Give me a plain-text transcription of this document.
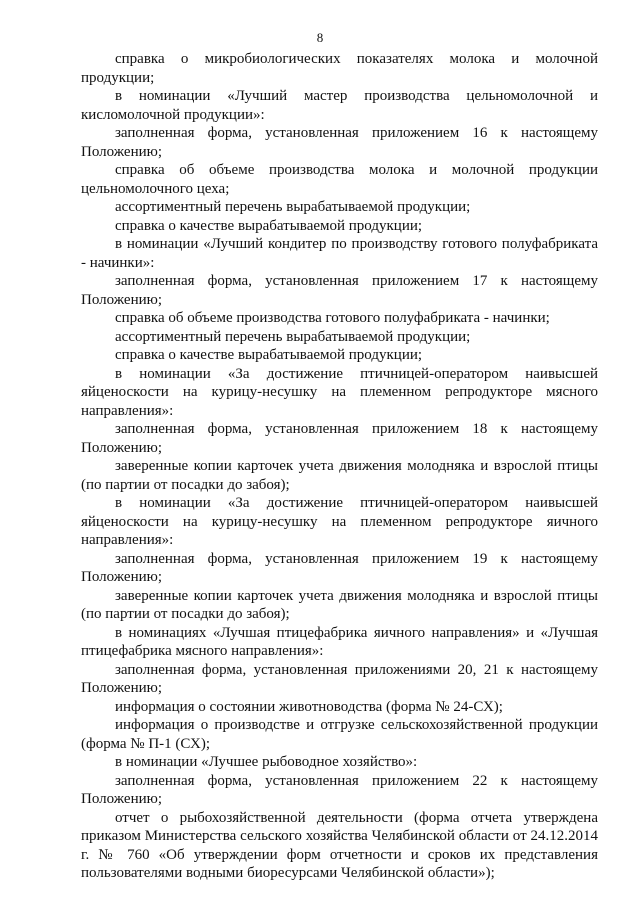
8

справка о микробиологических показателях молока и молочной продукции;

в номинации «Лучший мастер производства цельномолочной и кисломолочной продукции»:

заполненная форма, установленная приложением 16 к настоящему Положению;

справка об объеме производства молока и молочной продукции цельномолочного цеха;

ассортиментный перечень вырабатываемой продукции;

справка о качестве вырабатываемой продукции;

в номинации «Лучший кондитер по производству готового полуфабриката - начинки»:

заполненная форма, установленная приложением 17 к настоящему Положению;

справка об объеме производства готового полуфабриката - начинки;

ассортиментный перечень вырабатываемой продукции;

справка о качестве вырабатываемой продукции;

в номинации «За достижение птичницей-оператором наивысшей яйценоскости на курицу-несушку на племенном репродукторе мясного направления»:

заполненная форма, установленная приложением 18 к настоящему Положению;

заверенные копии карточек учета движения молодняка и взрослой птицы (по партии от посадки до забоя);

в номинации «За достижение птичницей-оператором наивысшей яйценоскости на курицу-несушку на племенном репродукторе яичного направления»:

заполненная форма, установленная приложением 19 к настоящему Положению;

заверенные копии карточек учета движения молодняка и взрослой птицы (по партии от посадки до забоя);

в номинациях «Лучшая птицефабрика яичного направления» и «Лучшая птицефабрика мясного направления»:

заполненная форма, установленная приложениями 20, 21 к настоящему Положению;

информация о состоянии животноводства (форма № 24-СХ);

информация о производстве и отгрузке сельскохозяйственной продукции (форма № П-1 (СХ);

в номинации «Лучшее рыбоводное хозяйство»:

заполненная форма, установленная приложением 22 к настоящему Положению;

отчет о рыбохозяйственной деятельности (форма отчета утверждена приказом Министерства сельского хозяйства Челябинской области от 24.12.2014 г. № 760 «Об утверждении форм отчетности и сроков их представления пользователями водными биоресурсами Челябинской области»);
